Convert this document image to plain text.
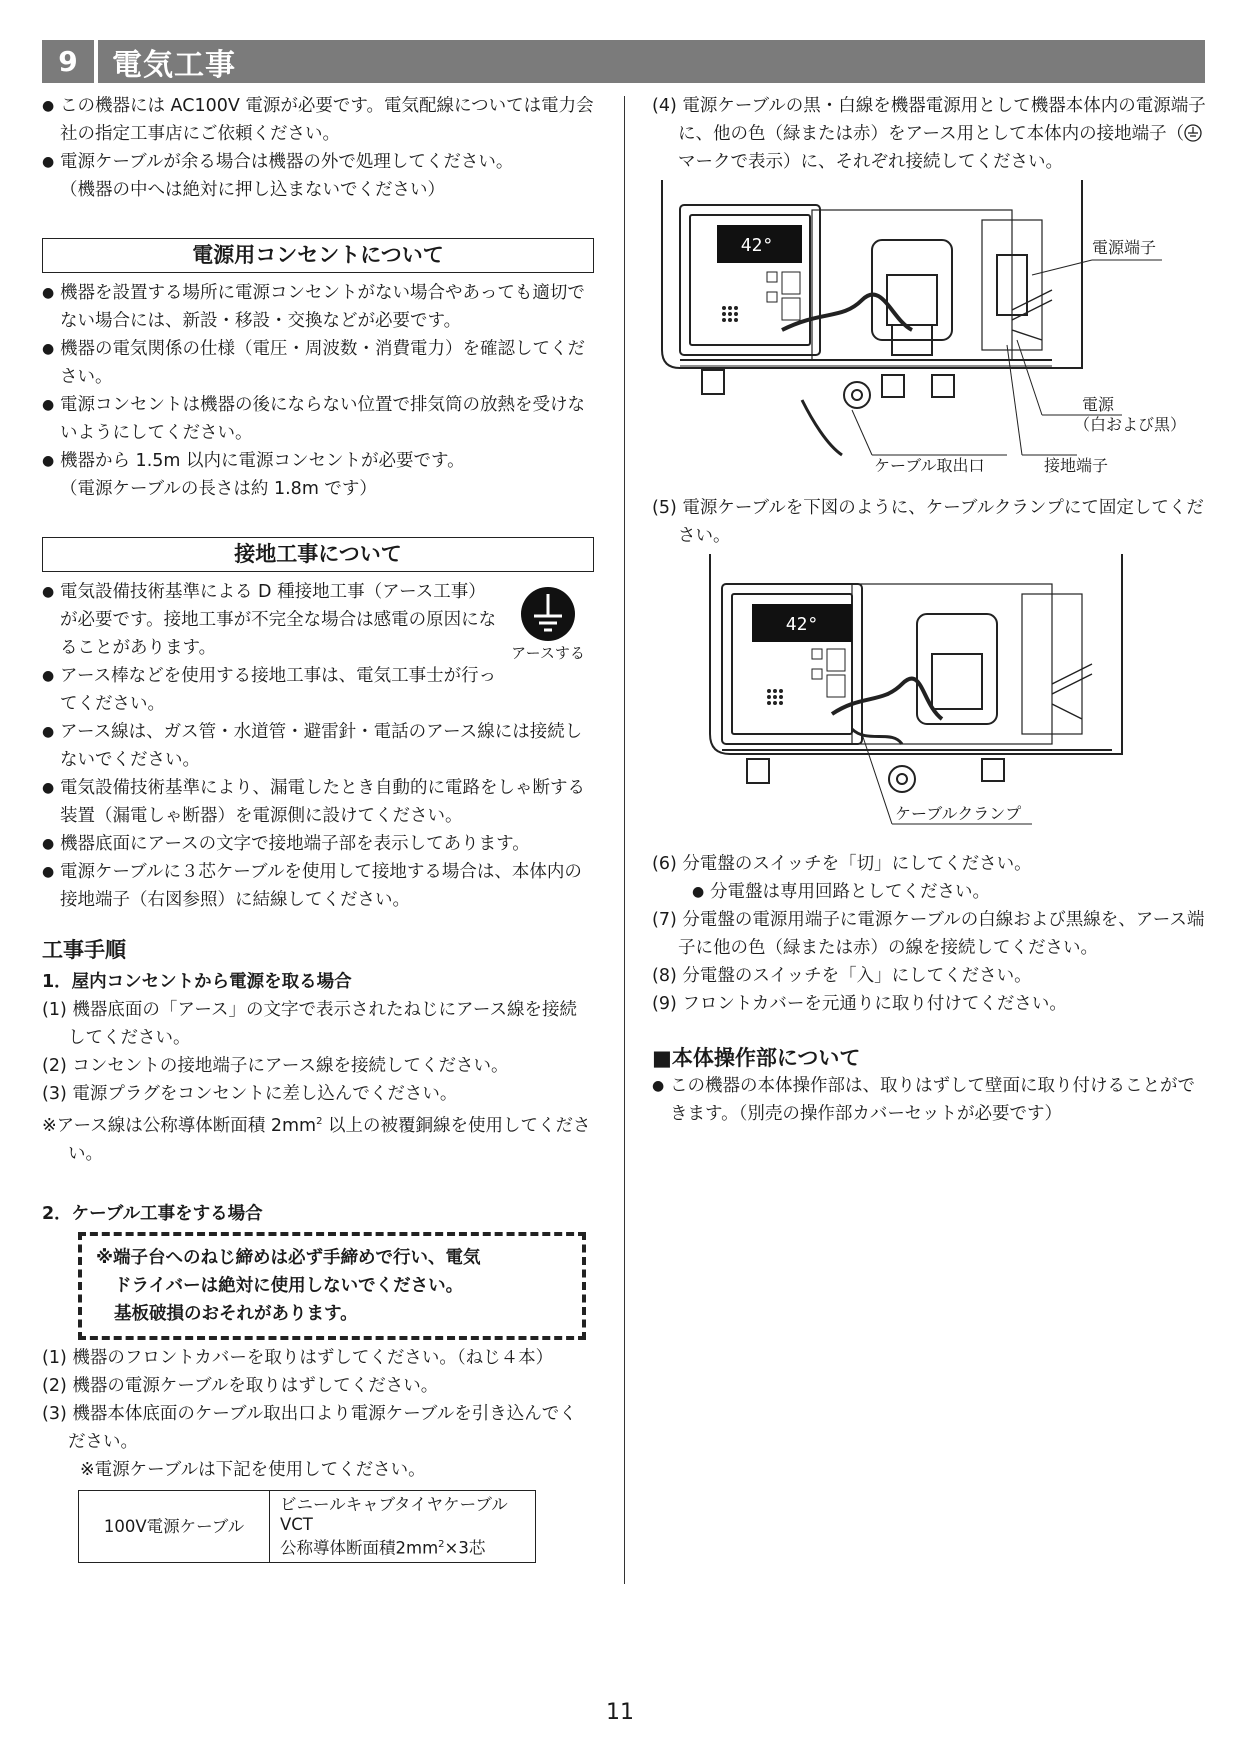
9	電気工事
● この機器には AC100V 電源が必要です。電気配線については電力会社の指定工事店にご依頼ください。
● 電源ケーブルが余る場合は機器の外で処理してください。
（機器の中へは絶対に押し込まないでください）
電源用コンセントについて
● 機器を設置する場所に電源コンセントがない場合やあっても適切でない場合には、新設・移設・交換などが必要です。
● 機器の電気関係の仕様（電圧・周波数・消費電力）を確認してください。
● 電源コンセントは機器の後にならない位置で排気筒の放熱を受けないようにしてください。
● 機器から 1.5m 以内に電源コンセントが必要です。
（電源ケーブルの長さは約 1.8m です）
接地工事について
● 電気設備技術基準による D 種接地工事（アース工事）が必要です。接地工事が不完全な場合は感電の原因になることがあります。
● アース棒などを使用する接地工事は、電気工事士が行ってください。
アースする
● アース線は、ガス管・水道管・避雷針・電話のアース線には接続しないでください。
● 電気設備技術基準により、漏電したとき自動的に電路をしゃ断する装置（漏電しゃ断器）を電源側に設けてください。
● 機器底面にアースの文字で接地端子部を表示してあります。
● 電源ケーブルに３芯ケーブルを使用して接地する場合は、本体内の接地端子（右図参照）に結線してください。
工事手順
1．屋内コンセントから電源を取る場合
(1) 機器底面の「アース」の文字で表示されたねじにアース線を接続してください。
(2) コンセントの接地端子にアース線を接続してください。
(3) 電源プラグをコンセントに差し込んでください。
※アース線は公称導体断面積 $2mm^2$ 以上の被覆銅線を使用してください。
2．ケーブル工事をする場合
※端子台へのねじ締めは必ず手締めで行い、電気
ドライバーは絶対に使用しないでください。
基板破損のおそれがあります。
(1) 機器のフロントカバーを取りはずしてください。（ねじ４本）
(2) 機器の電源ケーブルを取りはずしてください。
(3) 機器本体底面のケーブル取出口より電源ケーブルを引き込んでください。
※電源ケーブルは下記を使用してください。
100V電源ケーブル	
ビニールキャブタイヤケーブル
VCT
公称導体断面積$2mm^2\times 3$芯
(4) 電源ケーブルの黒・白線を機器電源用として機器本体内の電源端子に、他の色（緑または赤）をアース用として本体内の接地端子（マークで表示）に、それぞれ接続してください。
42°	電源端子
電源
（白および黒）
ケーブル取出口	接地端子
(5) 電源ケーブルを下図のように、ケーブルクランプにて固定してください。
42°
ケーブルクランプ
(6) 分電盤のスイッチを「切」にしてください。
● 分電盤は専用回路としてください。
(7) 分電盤の電源用端子に電源ケーブルの白線および黒線を、アース端子に他の色（緑または赤）の線を接続してください。
(8) 分電盤のスイッチを「入」にしてください。
(9) フロントカバーを元通りに取り付けてください。
■本体操作部について
● この機器の本体操作部は、取りはずして壁面に取り付けることができます。（別売の操作部カバーセットが必要です）
11
